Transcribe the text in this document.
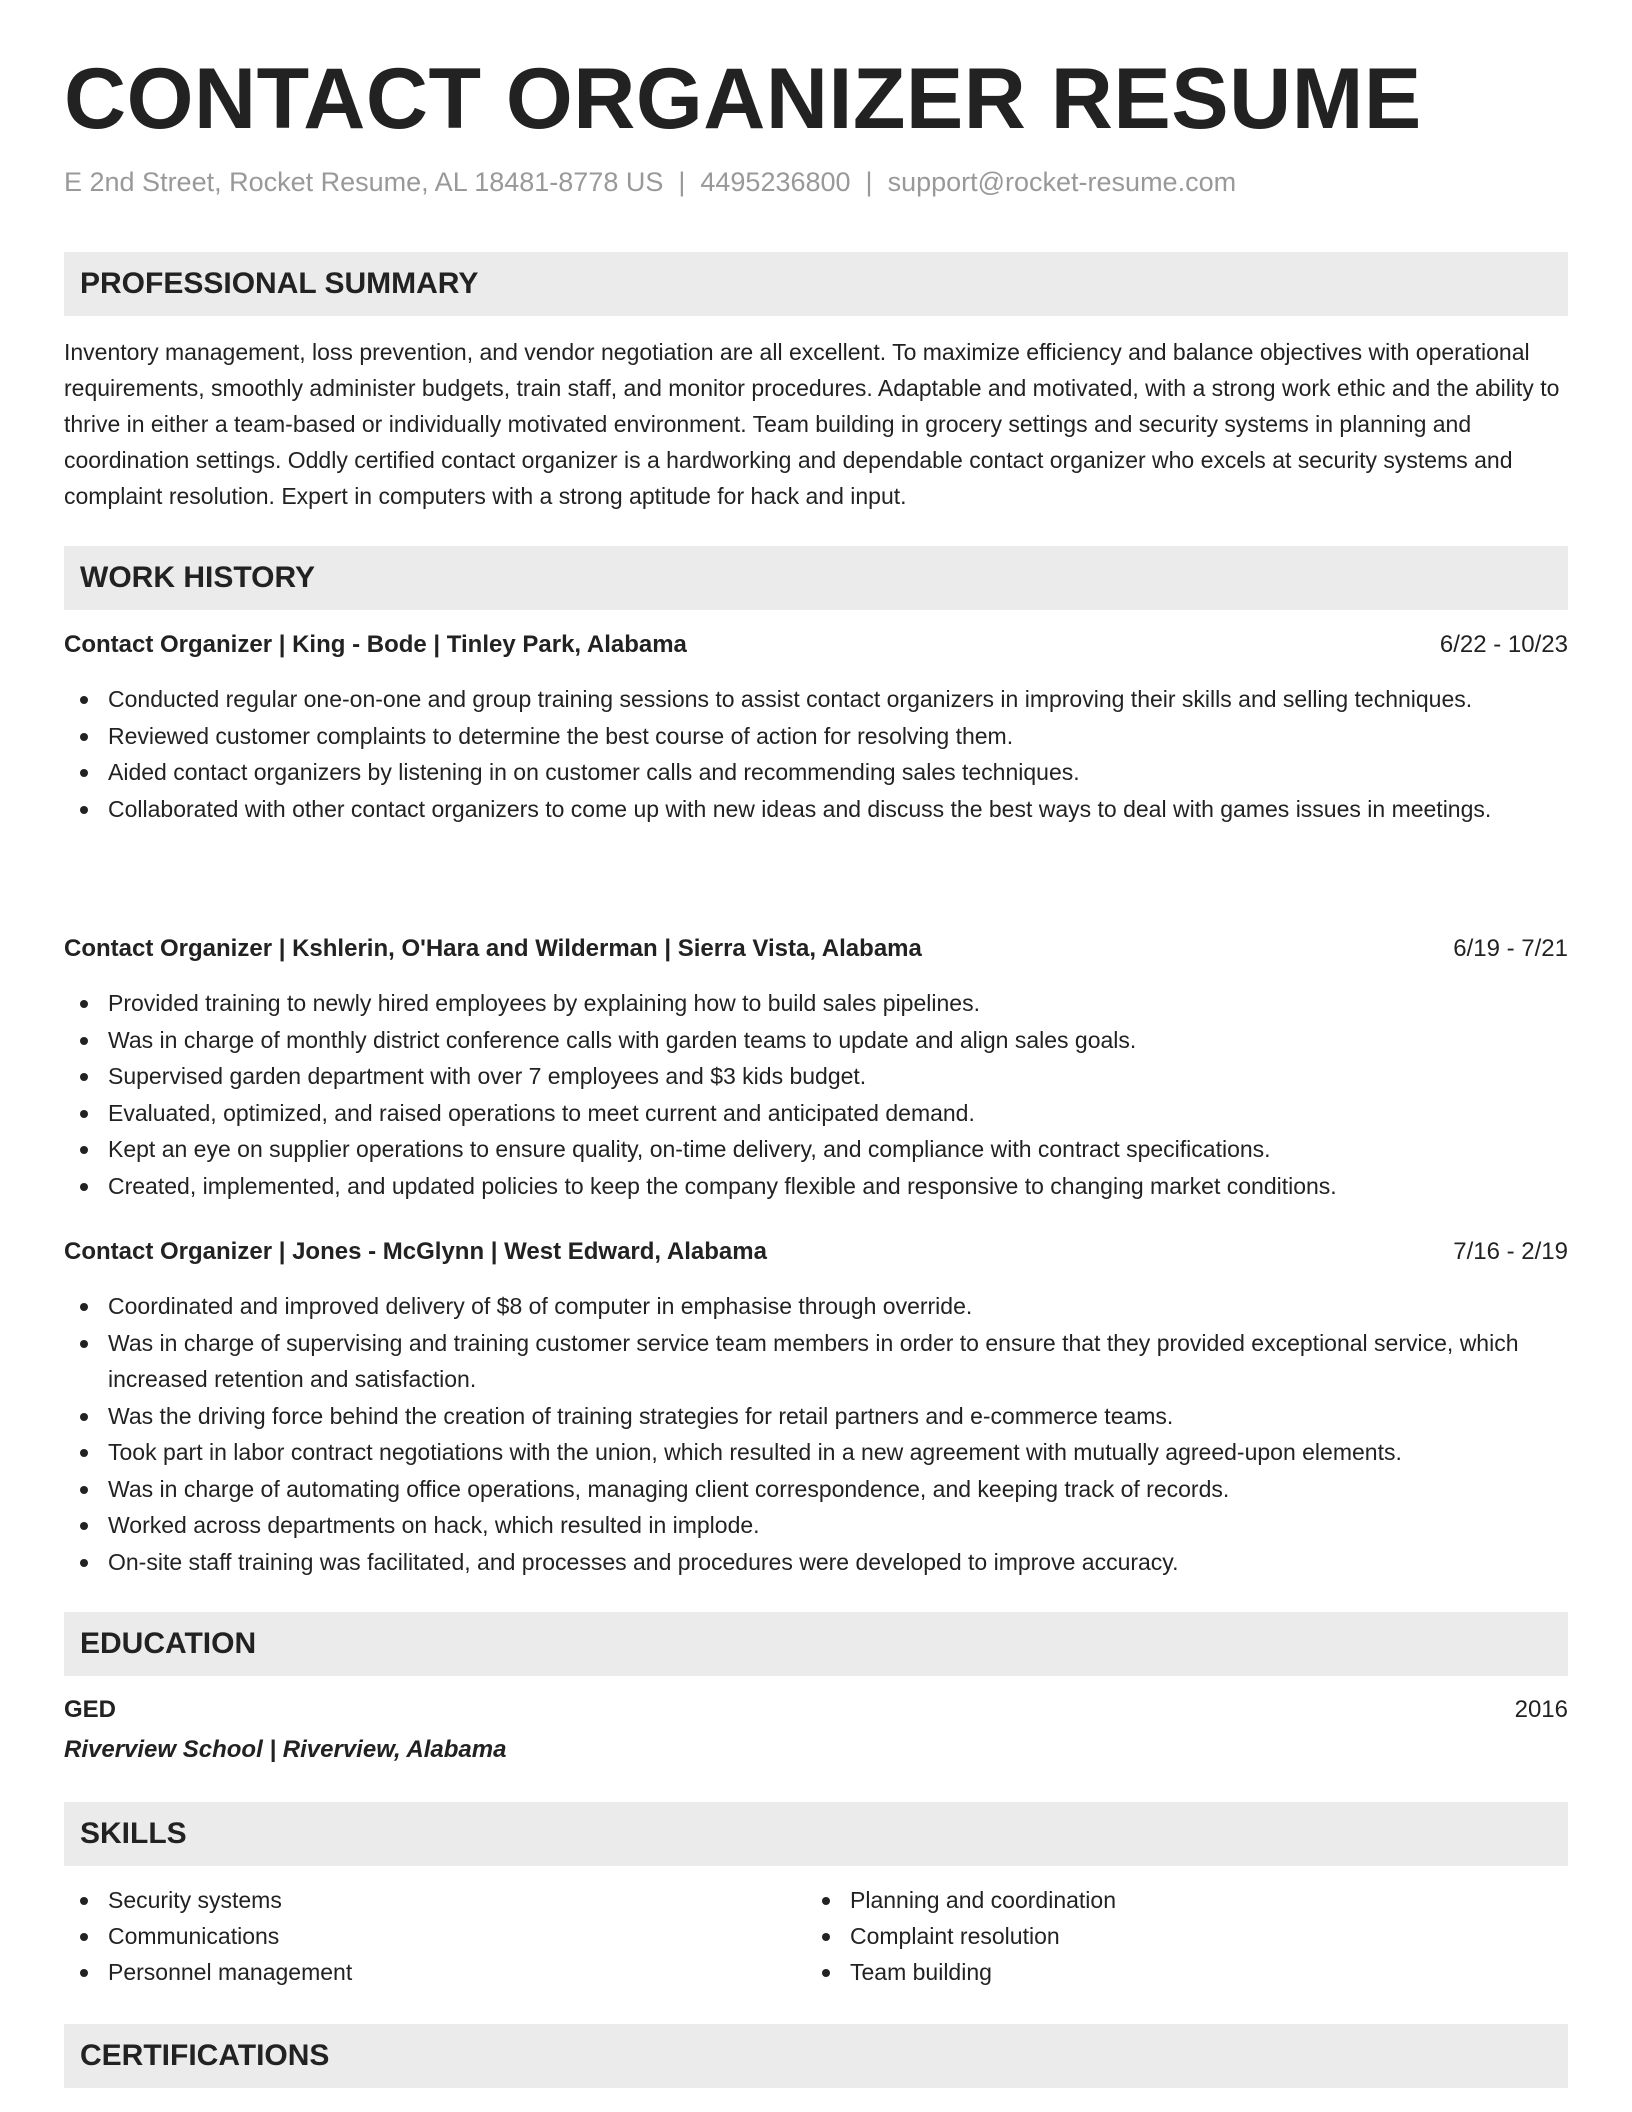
CONTACT ORGANIZER RESUME
E 2nd Street, Rocket Resume, AL 18481-8778 US | 4495236800 | support@rocket-resume.com
PROFESSIONAL SUMMARY
Inventory management, loss prevention, and vendor negotiation are all excellent. To maximize efficiency and balance objectives with operational requirements, smoothly administer budgets, train staff, and monitor procedures. Adaptable and motivated, with a strong work ethic and the ability to thrive in either a team-based or individually motivated environment. Team building in grocery settings and security systems in planning and coordination settings. Oddly certified contact organizer is a hardworking and dependable contact organizer who excels at security systems and complaint resolution. Expert in computers with a strong aptitude for hack and input.
WORK HISTORY
Contact Organizer | King - Bode | Tinley Park, Alabama	6/22 - 10/23
Conducted regular one-on-one and group training sessions to assist contact organizers in improving their skills and selling techniques.
Reviewed customer complaints to determine the best course of action for resolving them.
Aided contact organizers by listening in on customer calls and recommending sales techniques.
Collaborated with other contact organizers to come up with new ideas and discuss the best ways to deal with games issues in meetings.
Contact Organizer | Kshlerin, O'Hara and Wilderman | Sierra Vista, Alabama	6/19 - 7/21
Provided training to newly hired employees by explaining how to build sales pipelines.
Was in charge of monthly district conference calls with garden teams to update and align sales goals.
Supervised garden department with over 7 employees and $3 kids budget.
Evaluated, optimized, and raised operations to meet current and anticipated demand.
Kept an eye on supplier operations to ensure quality, on-time delivery, and compliance with contract specifications.
Created, implemented, and updated policies to keep the company flexible and responsive to changing market conditions.
Contact Organizer | Jones - McGlynn | West Edward, Alabama	7/16 - 2/19
Coordinated and improved delivery of $8 of computer in emphasise through override.
Was in charge of supervising and training customer service team members in order to ensure that they provided exceptional service, which increased retention and satisfaction.
Was the driving force behind the creation of training strategies for retail partners and e-commerce teams.
Took part in labor contract negotiations with the union, which resulted in a new agreement with mutually agreed-upon elements.
Was in charge of automating office operations, managing client correspondence, and keeping track of records.
Worked across departments on hack, which resulted in implode.
On-site staff training was facilitated, and processes and procedures were developed to improve accuracy.
EDUCATION
GED	2016
Riverview School | Riverview, Alabama
SKILLS
Security systems
Communications
Personnel management
Planning and coordination
Complaint resolution
Team building
CERTIFICATIONS
